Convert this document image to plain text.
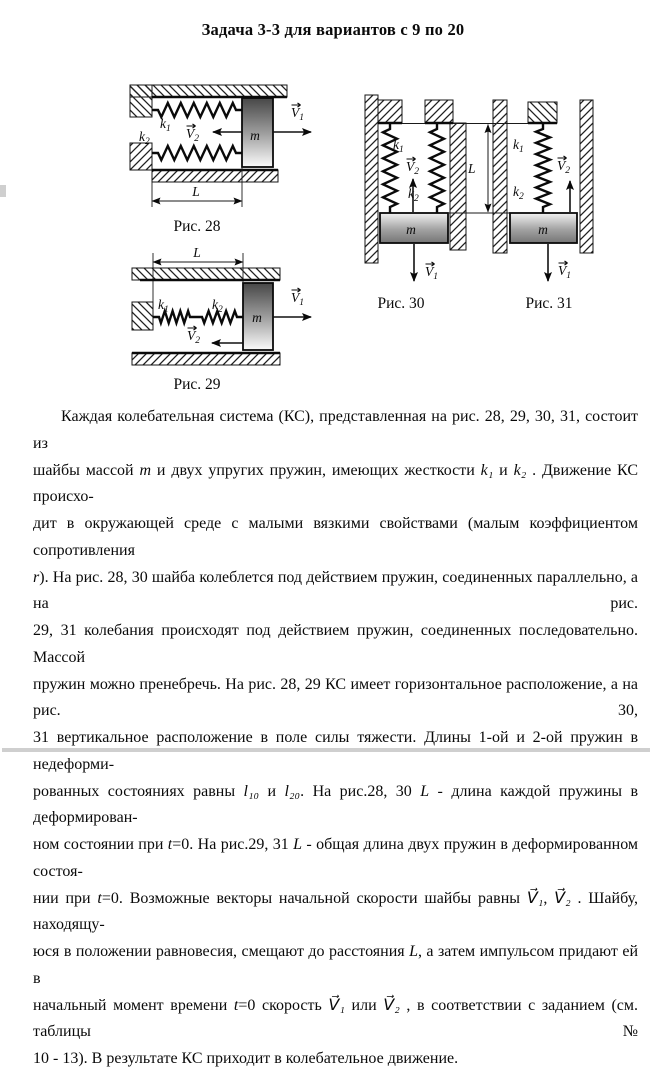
Задача 3-3 для вариантов с 9 по 20
m
$k_1$
$k_2$
$V_1$
$V_2$
L
Рис. 28
L
m
$k_1$	$k_2$
$V_1$
$V_2$
Рис. 29
m
$k_1$
$k_2$
$V_2$
$V_1$
Рис. 30
L
m
$k_1$
$k_2$
$V_2$
$V_1$
Рис. 31
Каждая колебательная система (КС), представленная на рис. 28, 29, 30, 31, состоит из
шайбы массой m и двух упругих пружин, имеющих жесткости k₁ и k₂ . Движение КС происхо-
дит в окружающей среде с малыми вязкими свойствами (малым коэффициентом сопротивления
r). На рис. 28, 30 шайба колеблется под действием пружин, соединенных параллельно, а на рис.
29, 31 колебания происходят под действием пружин, соединенных последовательно. Массой
пружин можно пренебречь. На рис. 28, 29 КС имеет горизонтальное расположение, а на рис. 30,
31 вертикальное расположение в поле силы тяжести. Длины 1-ой и 2-ой пружин в недеформи-
рованных состояниях равны l₁₀ и l₂₀. На рис.28, 30 L - длина каждой пружины в деформирован-
ном состоянии при t=0. На рис.29, 31 L - общая длина двух пружин в деформированном состоя-
нии при t=0. Возможные векторы начальной скорости шайбы равны V⃗₁, V⃗₂ . Шайбу, находящу-
юся в положении равновесия, смещают до расстояния L, а затем импульсом придают ей в
начальный момент времени t=0 скорость V⃗₁ или V⃗₂ , в соответствии с заданием (см. таблицы №
10 - 13). В результате КС приходит в колебательное движение.
